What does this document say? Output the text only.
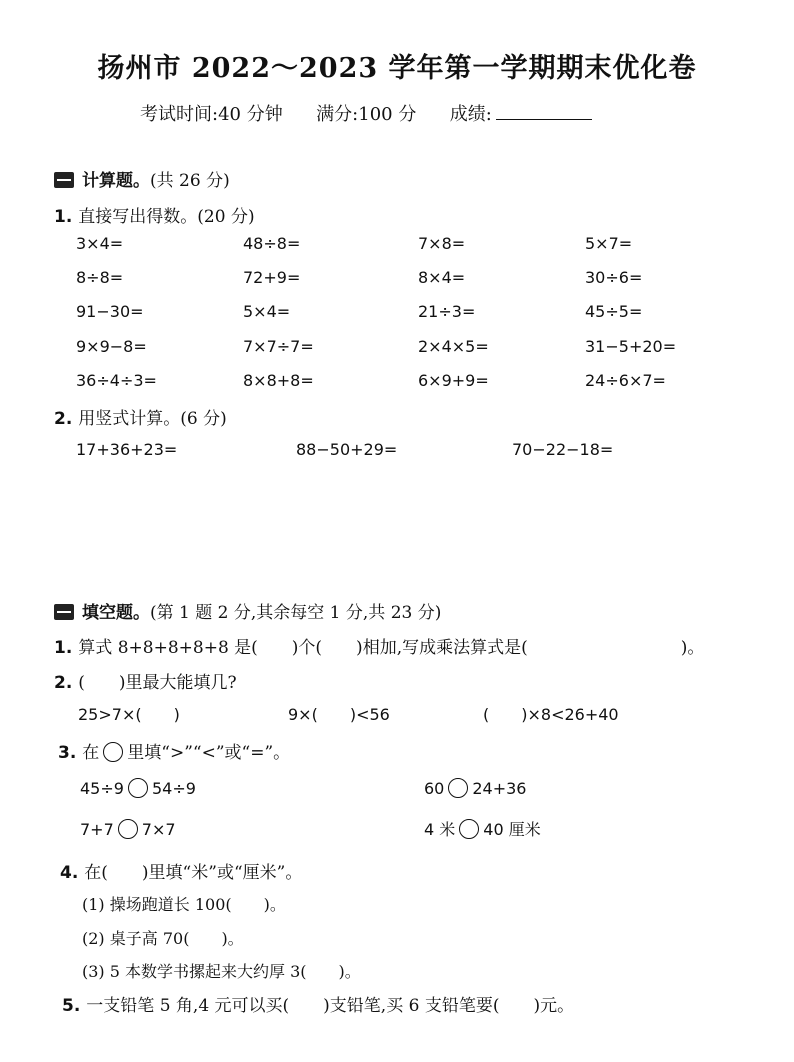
扬州市 2022～2023 学年第一学期期末优化卷
考试时间:40 分钟 满分:100 分 成绩:
计算题。(共 26 分)
1. 直接写出得数。(20 分)
3×4=	48÷8=	7×8=	5×7=
8÷8=	72+9=	8×4=	30÷6=
91−30=	5×4=	21÷3=	45÷5=
9×9−8=	7×7÷7=	2×4×5=	31−5+20=
36÷4÷3=	8×8+8=	6×9+9=	24÷6×7=
2. 用竖式计算。(6 分)
17+36+23=	88−50+29=	70−22−18=
填空题。(第 1 题 2 分,其余每空 1 分,共 23 分)
1. 算式 8+8+8+8+8 是(　　)个(　　)相加,写成乘法算式是(　　　　　　　　　)。
2. (　　)里最大能填几?
25>7×(　　)	9×(　　)<56	(　　)×8<26+40
3. 在 里填“>”“<”或“=”。
45÷9 54÷9	60 24+36
7+7 7×7	4 米 40 厘米
4. 在(　　)里填“米”或“厘米”。
(1) 操场跑道长 100(　　)。
(2) 桌子高 70(　　)。
(3) 5 本数学书摞起来大约厚 3(　　)。
5. 一支铅笔 5 角,4 元可以买(　　)支铅笔,买 6 支铅笔要(　　)元。
